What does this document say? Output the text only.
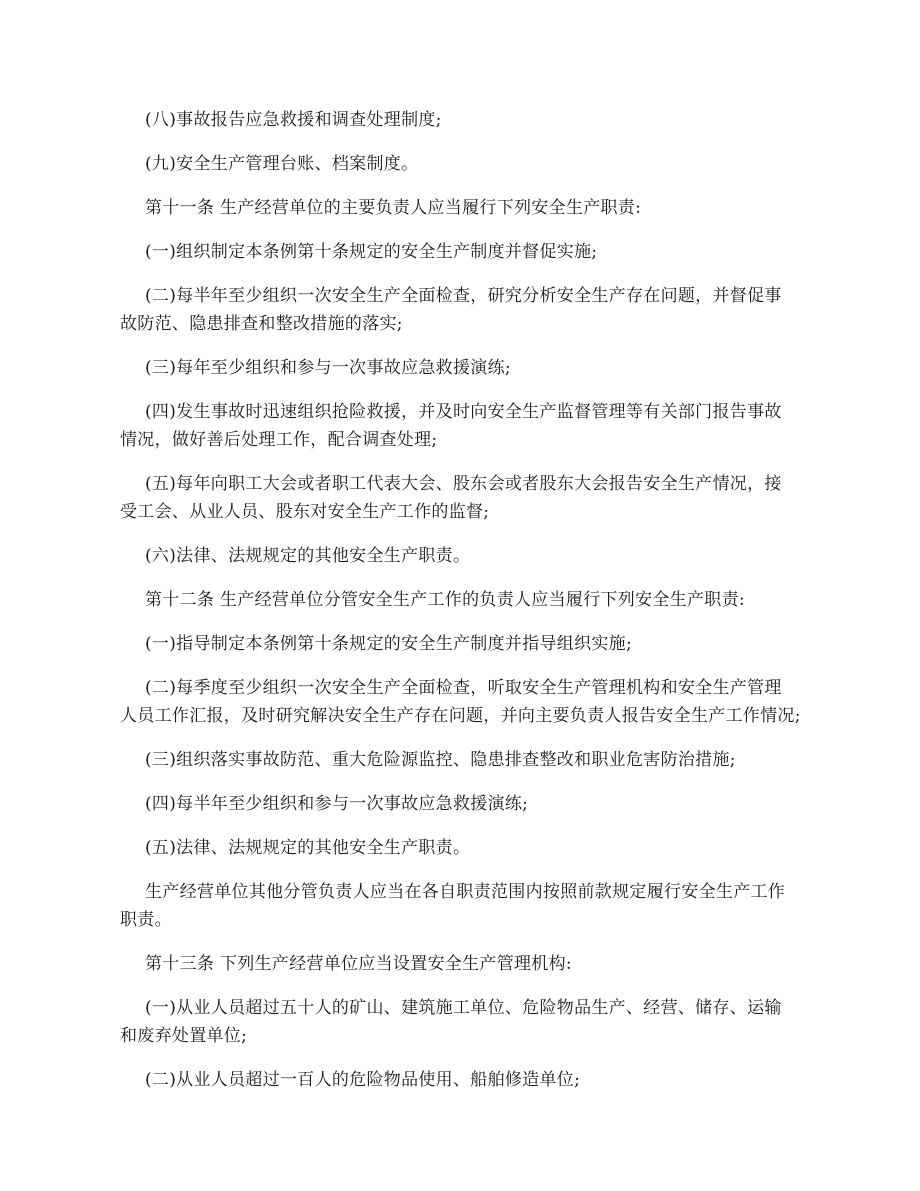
(八)事故报告应急救援和调查处理制度;
(九)安全生产管理台账、档案制度。
第十一条 生产经营单位的主要负责人应当履行下列安全生产职责:
(一)组织制定本条例第十条规定的安全生产制度并督促实施;
(二)每半年至少组织一次安全生产全面检查，研究分析安全生产存在问题，并督促事
故防范、隐患排查和整改措施的落实;
(三)每年至少组织和参与一次事故应急救援演练;
(四)发生事故时迅速组织抢险救援，并及时向安全生产监督管理等有关部门报告事故
情况，做好善后处理工作，配合调查处理;
(五)每年向职工大会或者职工代表大会、股东会或者股东大会报告安全生产情况，接
受工会、从业人员、股东对安全生产工作的监督;
(六)法律、法规规定的其他安全生产职责。
第十二条 生产经营单位分管安全生产工作的负责人应当履行下列安全生产职责:
(一)指导制定本条例第十条规定的安全生产制度并指导组织实施;
(二)每季度至少组织一次安全生产全面检查，听取安全生产管理机构和安全生产管理
人员工作汇报，及时研究解决安全生产存在问题，并向主要负责人报告安全生产工作情况;
(三)组织落实事故防范、重大危险源监控、隐患排查整改和职业危害防治措施;
(四)每半年至少组织和参与一次事故应急救援演练;
(五)法律、法规规定的其他安全生产职责。
生产经营单位其他分管负责人应当在各自职责范围内按照前款规定履行安全生产工作
职责。
第十三条 下列生产经营单位应当设置安全生产管理机构:
(一)从业人员超过五十人的矿山、建筑施工单位、危险物品生产、经营、储存、运输
和废弃处置单位;
(二)从业人员超过一百人的危险物品使用、船舶修造单位;
